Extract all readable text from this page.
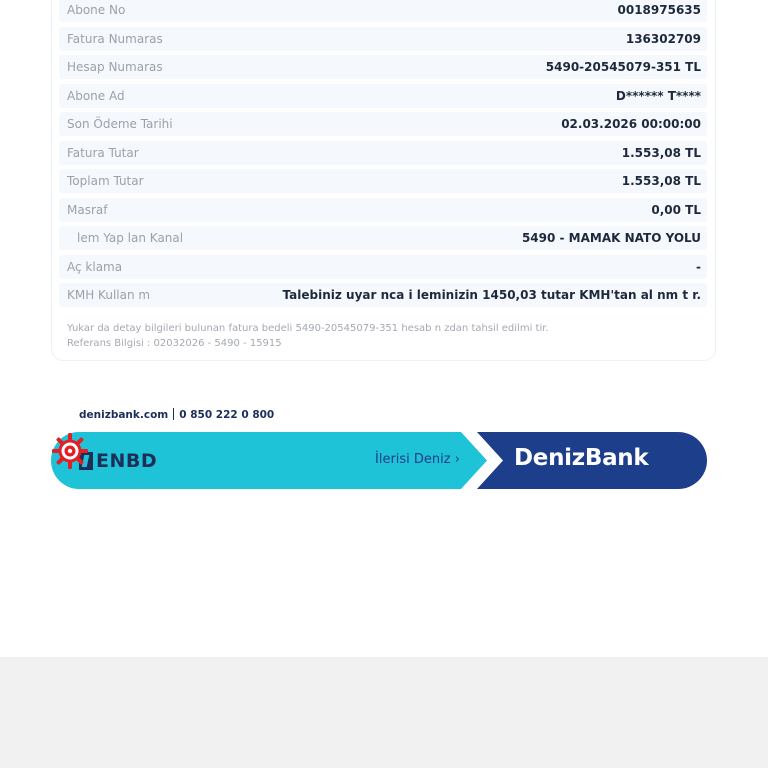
Abone No	0018975635
Fatura Numaras	136302709
Hesap Numaras	5490-20545079-351 TL
Abone Ad	D****** T****
Son Ödeme Tarihi	02.03.2026 00:00:00
Fatura Tutar	1.553,08 TL
Toplam Tutar	1.553,08 TL
Masraf	0,00 TL
lem Yap lan Kanal	5490 - MAMAK NATO YOLU
Aç klama	-
KMH Kullan m	Talebiniz uyar nca i leminizin 1450,03 tutar KMH'tan al nm t r.
Yukar da detay bilgileri bulunan fatura bedeli 5490-20545079-351 hesab n zdan tahsil edilmi tir.
Referans Bilgisi : 02032026 - 5490 - 15915
denizbank.com 0 850 222 0 800
ENBD	İlerisi Deniz › DenizBank
